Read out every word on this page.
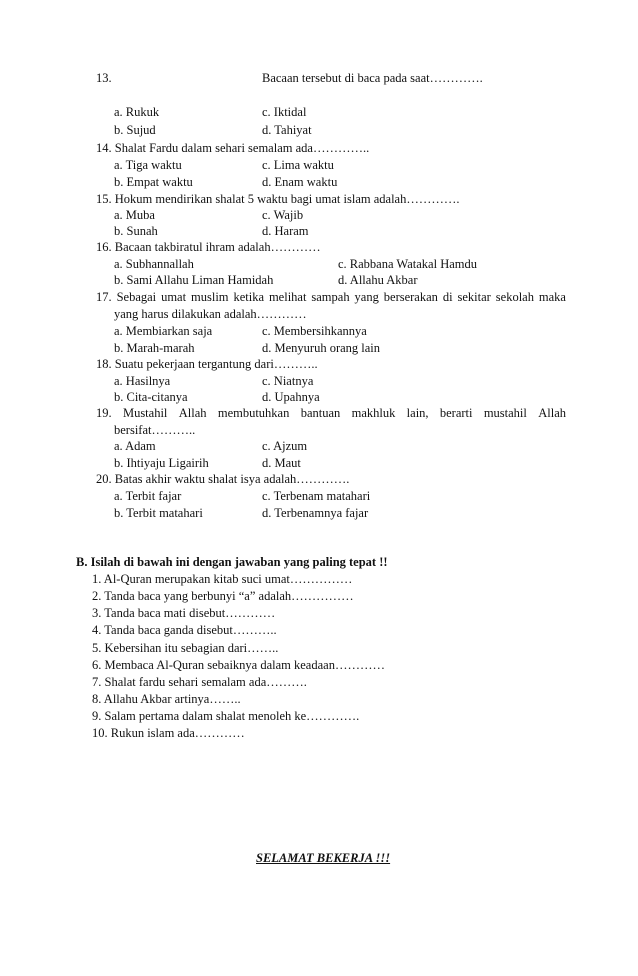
13.	Bacaan tersebut di baca pada saat………….
a. Rukuk	c. Iktidal
b. Sujud	d. Tahiyat
14. Shalat Fardu dalam sehari semalam ada…………..
a. Tiga waktu	c. Lima waktu
b. Empat waktu	d. Enam waktu
15. Hokum mendirikan shalat 5 waktu bagi umat islam adalah………….
a. Muba	c. Wajib
b. Sunah	d. Haram
16. Bacaan takbiratul ihram adalah…………
a. Subhannallah	c. Rabbana Watakal Hamdu
b. Sami Allahu Liman Hamidah	d. Allahu Akbar
17. Sebagai umat muslim ketika melihat sampah yang berserakan di sekitar sekolah maka
yang harus dilakukan adalah…………
a. Membiarkan saja	c. Membersihkannya
b. Marah-marah	d. Menyuruh orang lain
18. Suatu pekerjaan tergantung dari………..
a. Hasilnya	c. Niatnya
b. Cita-citanya	d. Upahnya
19. Mustahil Allah membutuhkan bantuan makhluk lain, berarti mustahil Allah
bersifat………..
a. Adam	c. Ajzum
b. Ihtiyaju Ligairih	d. Maut
20. Batas akhir waktu shalat isya adalah………….
a. Terbit fajar	c. Terbenam matahari
b. Terbit matahari	d. Terbenamnya fajar
B. Isilah di bawah ini dengan jawaban yang paling tepat !!
1. Al-Quran merupakan kitab suci umat……………
2. Tanda baca yang berbunyi “a” adalah……………
3. Tanda baca mati disebut…………
4. Tanda baca ganda disebut………..
5. Kebersihan itu sebagian dari……..
6. Membaca Al-Quran sebaiknya dalam keadaan…………
7. Shalat fardu sehari semalam ada……….
8. Allahu Akbar artinya……..
9. Salam pertama dalam shalat menoleh ke………….
10. Rukun islam ada…………
SELAMAT BEKERJA !!!
